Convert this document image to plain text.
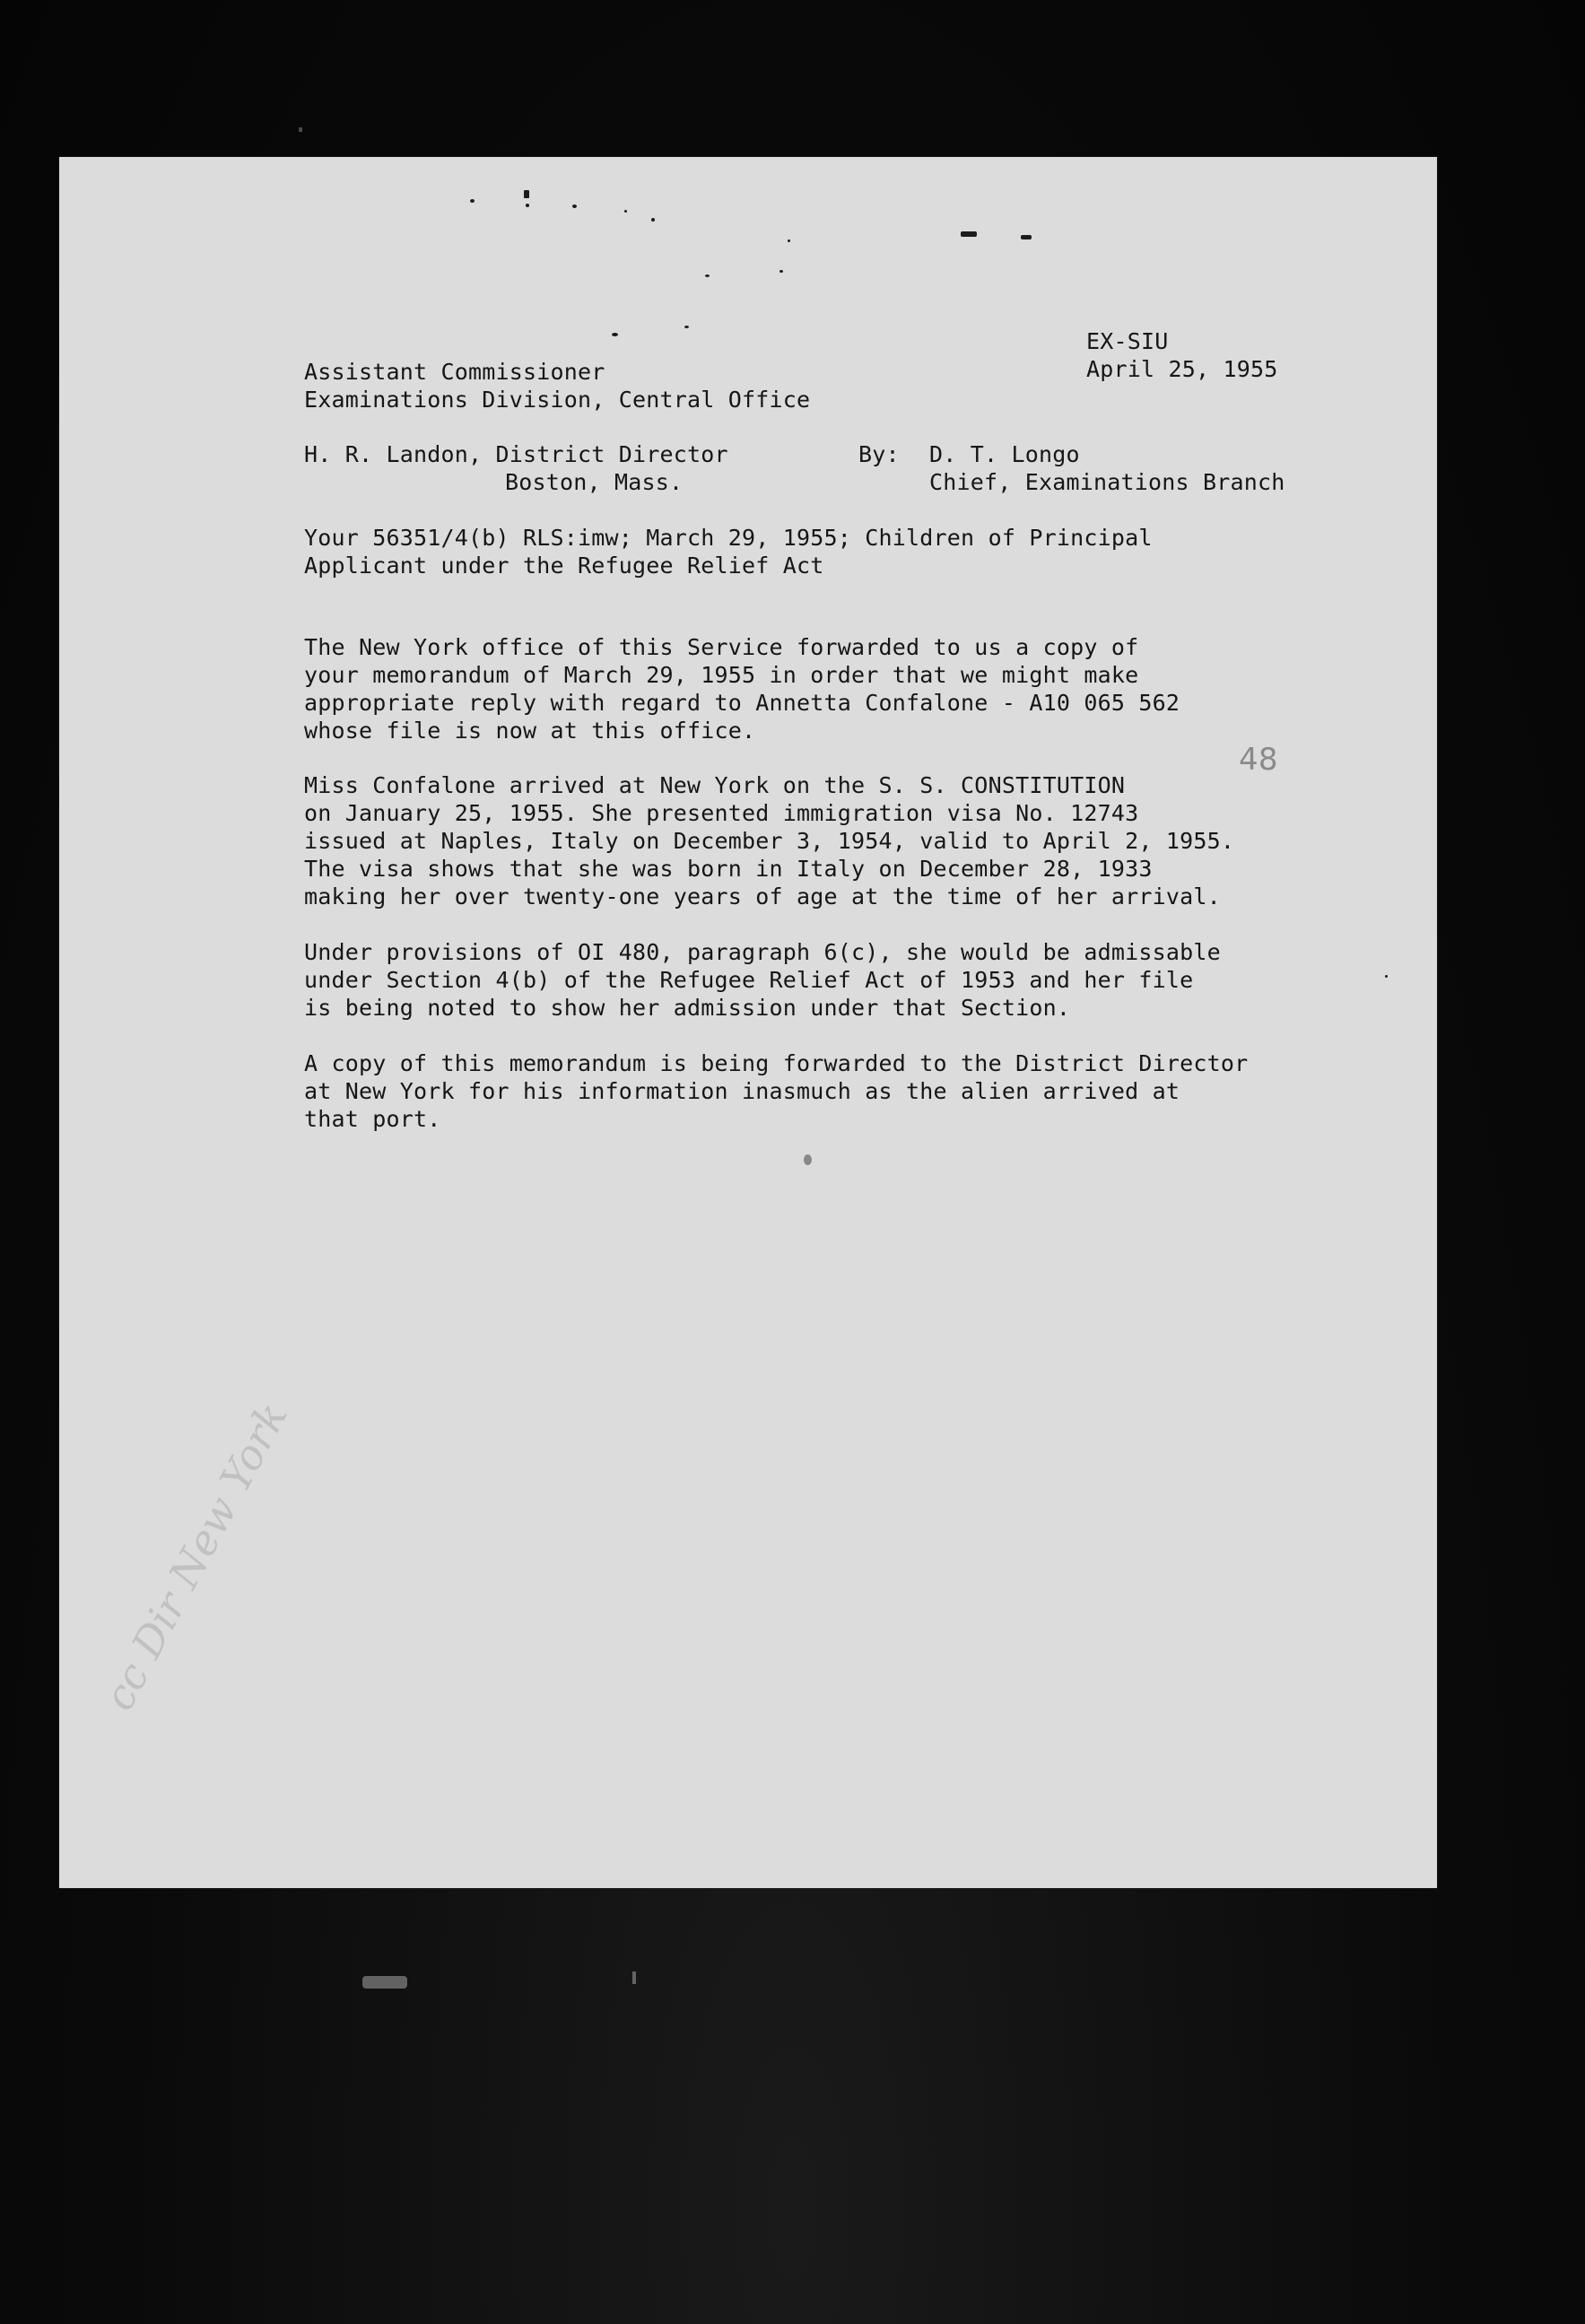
EX-SIU
April 25, 1955
Assistant Commissioner
Examinations Division, Central Office
H. R. Landon, District Director
Boston, Mass.
By: D. T. Longo
Chief, Examinations Branch
Your 56351/4(b) RLS:imw; March 29, 1955; Children of Principal
Applicant under the Refugee Relief Act
The New York office of this Service forwarded to us a copy of
your memorandum of March 29, 1955 in order that we might make
appropriate reply with regard to Annetta Confalone - A10 065 562
whose file is now at this office.
48
Miss Confalone arrived at New York on the S. S. CONSTITUTION
on January 25, 1955. She presented immigration visa No. 12743
issued at Naples, Italy on December 3, 1954, valid to April 2, 1955.
The visa shows that she was born in Italy on December 28, 1933
making her over twenty-one years of age at the time of her arrival.
Under provisions of OI 480, paragraph 6(c), she would be admissable
under Section 4(b) of the Refugee Relief Act of 1953 and her file
is being noted to show her admission under that Section.
A copy of this memorandum is being forwarded to the District Director
at New York for his information inasmuch as the alien arrived at
that port.
cc Dir New York
